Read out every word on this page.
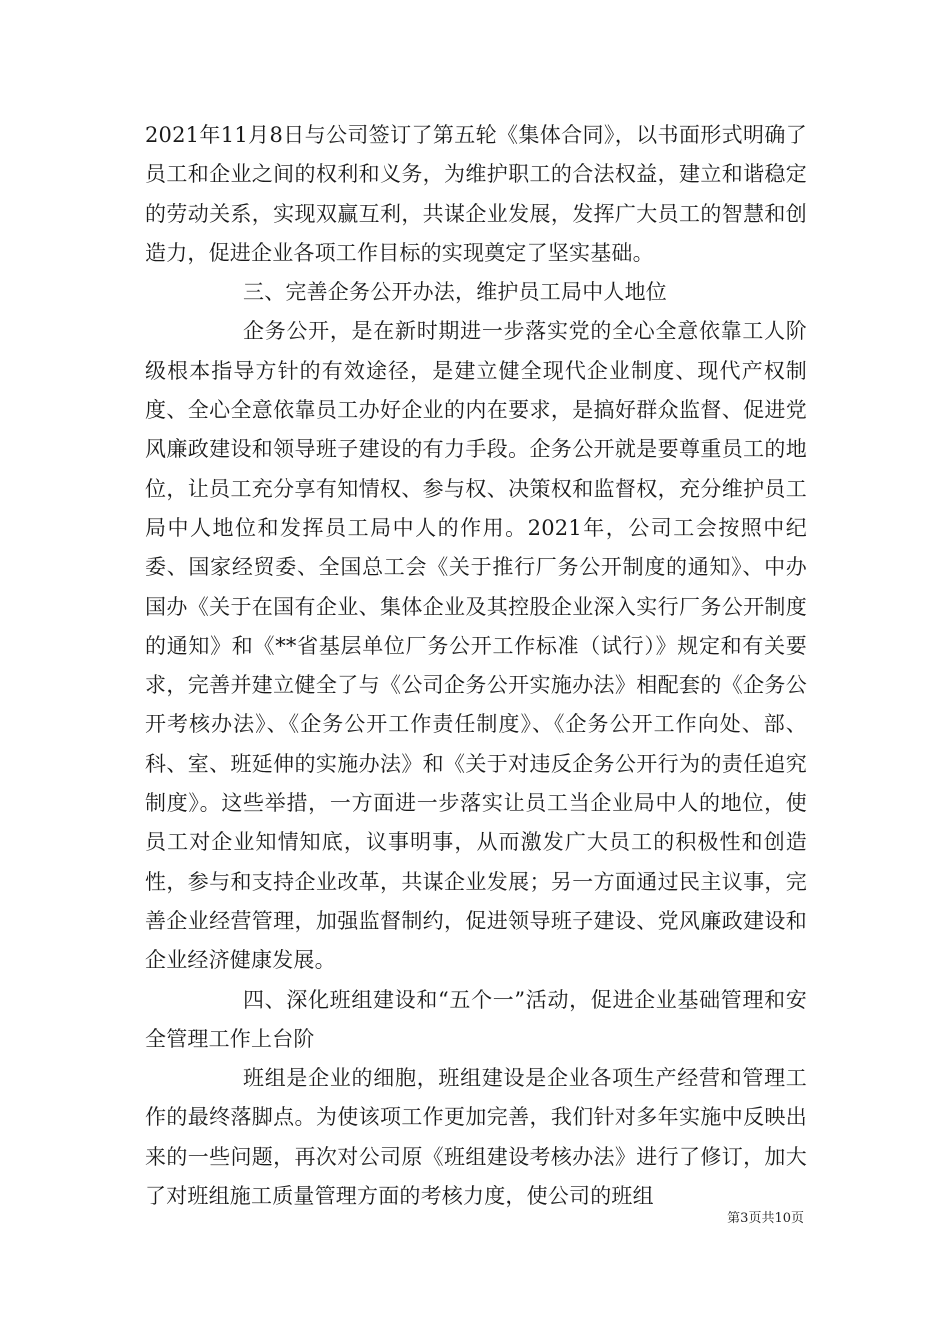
2021年11月8日与公司签订了第五轮《集体合同》，以书面形式明确了员工和企业之间的权利和义务，为维护职工的合法权益，建立和谐稳定的劳动关系，实现双赢互利，共谋企业发展，发挥广大员工的智慧和创造力，促进企业各项工作目标的实现奠定了坚实基础。

三、完善企务公开办法，维护员工局中人地位

企务公开，是在新时期进一步落实党的全心全意依靠工人阶级根本指导方针的有效途径，是建立健全现代企业制度、现代产权制度、全心全意依靠员工办好企业的内在要求，是搞好群众监督、促进党风廉政建设和领导班子建设的有力手段。企务公开就是要尊重员工的地位，让员工充分享有知情权、参与权、决策权和监督权，充分维护员工局中人地位和发挥员工局中人的作用。2021年，公司工会按照中纪委、国家经贸委、全国总工会《关于推行厂务公开制度的通知》、中办国办《关于在国有企业、集体企业及其控股企业深入实行厂务公开制度的通知》和《**省基层单位厂务公开工作标准（试行）》规定和有关要求，完善并建立健全了与《公司企务公开实施办法》相配套的《企务公开考核办法》、《企务公开工作责任制度》、《企务公开工作向处、部、科、室、班延伸的实施办法》和《关于对违反企务公开行为的责任追究制度》。这些举措，一方面进一步落实让员工当企业局中人的地位，使员工对企业知情知底，议事明事，从而激发广大员工的积极性和创造性，参与和支持企业改革，共谋企业发展；另一方面通过民主议事，完善企业经营管理，加强监督制约，促进领导班子建设、党风廉政建设和企业经济健康发展。

四、深化班组建设和“五个一”活动，促进企业基础管理和安全管理工作上台阶

班组是企业的细胞，班组建设是企业各项生产经营和管理工作的最终落脚点。为使该项工作更加完善，我们针对多年实施中反映出来的一些问题，再次对公司原《班组建设考核办法》进行了修订，加大了对班组施工质量管理方面的考核力度，使公司的班组

第3页共10页
